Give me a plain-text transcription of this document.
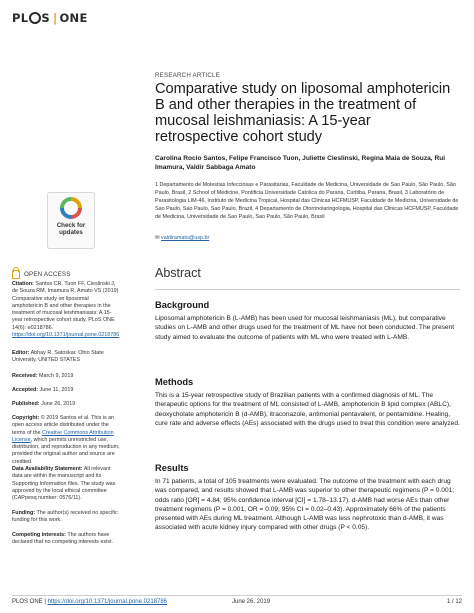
PL S | ONE
Check for
updates
OPEN ACCESS
Citation: Santos CR, Tuon FF, Cieslinski J, de Souza RM, Imamura R, Amato VS (2019) Comparative study on liposomal amphotericin B and other therapies in the treatment of mucosal leishmaniasis: A 15-year retrospective cohort study. PLoS ONE 14(6): e0218786. https://doi.org/10.1371/journal.pone.0218786
Editor: Abhay R. Satoskar, Ohio State University, UNITED STATES
Received: March 9, 2019
Accepted: June 11, 2019
Published: June 26, 2019
Copyright: © 2019 Santos et al. This is an open access article distributed under the terms of the Creative Commons Attribution License, which permits unrestricted use, distribution, and reproduction in any medium, provided the original author and source are credited.
Data Availability Statement: All relevant data are within the manuscript and its Supporting Information files. The study was approved by the local ethical committee (CAPpesq number: 0576/11).
Funding: The author(s) received no specific funding for this work.
Competing interests: The authors have declared that no competing interests exist.
RESEARCH ARTICLE
Comparative study on liposomal amphotericin B and other therapies in the treatment of mucosal leishmaniasis: A 15-year retrospective cohort study
Carolina Rocio Santos, Felipe Francisco Tuon, Juliette Cieslinski, Regina Maia de Souza, Rui Imamura, Valdir Sabbaga Amato
1 Departamento de Molestias Infecciosas e Parasitarias, Faculdade de Medicina, Universidade de Sao Paulo, São Paulo, São Paulo, Brasil, 2 School of Medicine, Pontificia Universidade Catolica do Parana, Curitiba, Parana, Brasil, 3 Laboratório de Parasitologia LIM-46, Instituto de Medicina Tropical, Hospital das Clinicas HCFMUSP, Faculdade de Medicina, Universidade de Sao Paulo, Sao Paulo, Sao Paulo, Brazil, 4 Departamento de Otorrinolaringologia, Hospital das Clinicas HCFMUSP, Faculdade de Medicina, Universidade de Sao Paulo, Sao Paulo, São Paulo, Brasil
✉ valdiramato@usp.br
Abstract
Background

Liposomal amphotericin B (L-AMB) has been used for mucosal leishmaniasis (ML), but comparative studies on L-AMB and other drugs used for the treatment of ML have not been conducted. The present study aimed to evaluate the outcome of patients with ML who were treated with L-AMB.

Methods

This is a 15-year retrospective study of Brazilian patients with a confirmed diagnosis of ML. The therapeutic options for the treatment of ML consisted of L-AMB, amphotericin B lipid complex (ABLC), deoxycholate amphotericin B (d-AMB), itraconazole, antimonial pentavalent, or pentamidine. Healing, cure rate and adverse effects (AEs) associated with the drugs used to treat this condition were analyzed.

Results

In 71 patients, a total of 105 treatments were evaluated. The outcome of the treatment with each drug was compared, and results showed that L-AMB was superior to other therapeutic regimens (P = 0.001; odds ratio [OR] = 4.84; 95% confidence interval [CI] = 1.78–13.17). d-AMB had worse AEs than other treatment regimens (P = 0.001, OR = 0.09; 95% CI = 0.02–0.43). Approximately 66% of the patients presented with AEs during ML treatment. Although L-AMB was less nephrotoxic than d-AMB, it was associated with acute kidney injury compared with other drugs (P < 0.05).

PLOS ONE | https://doi.org/10.1371/journal.pone.0218786	June 26, 2019	1 / 12
